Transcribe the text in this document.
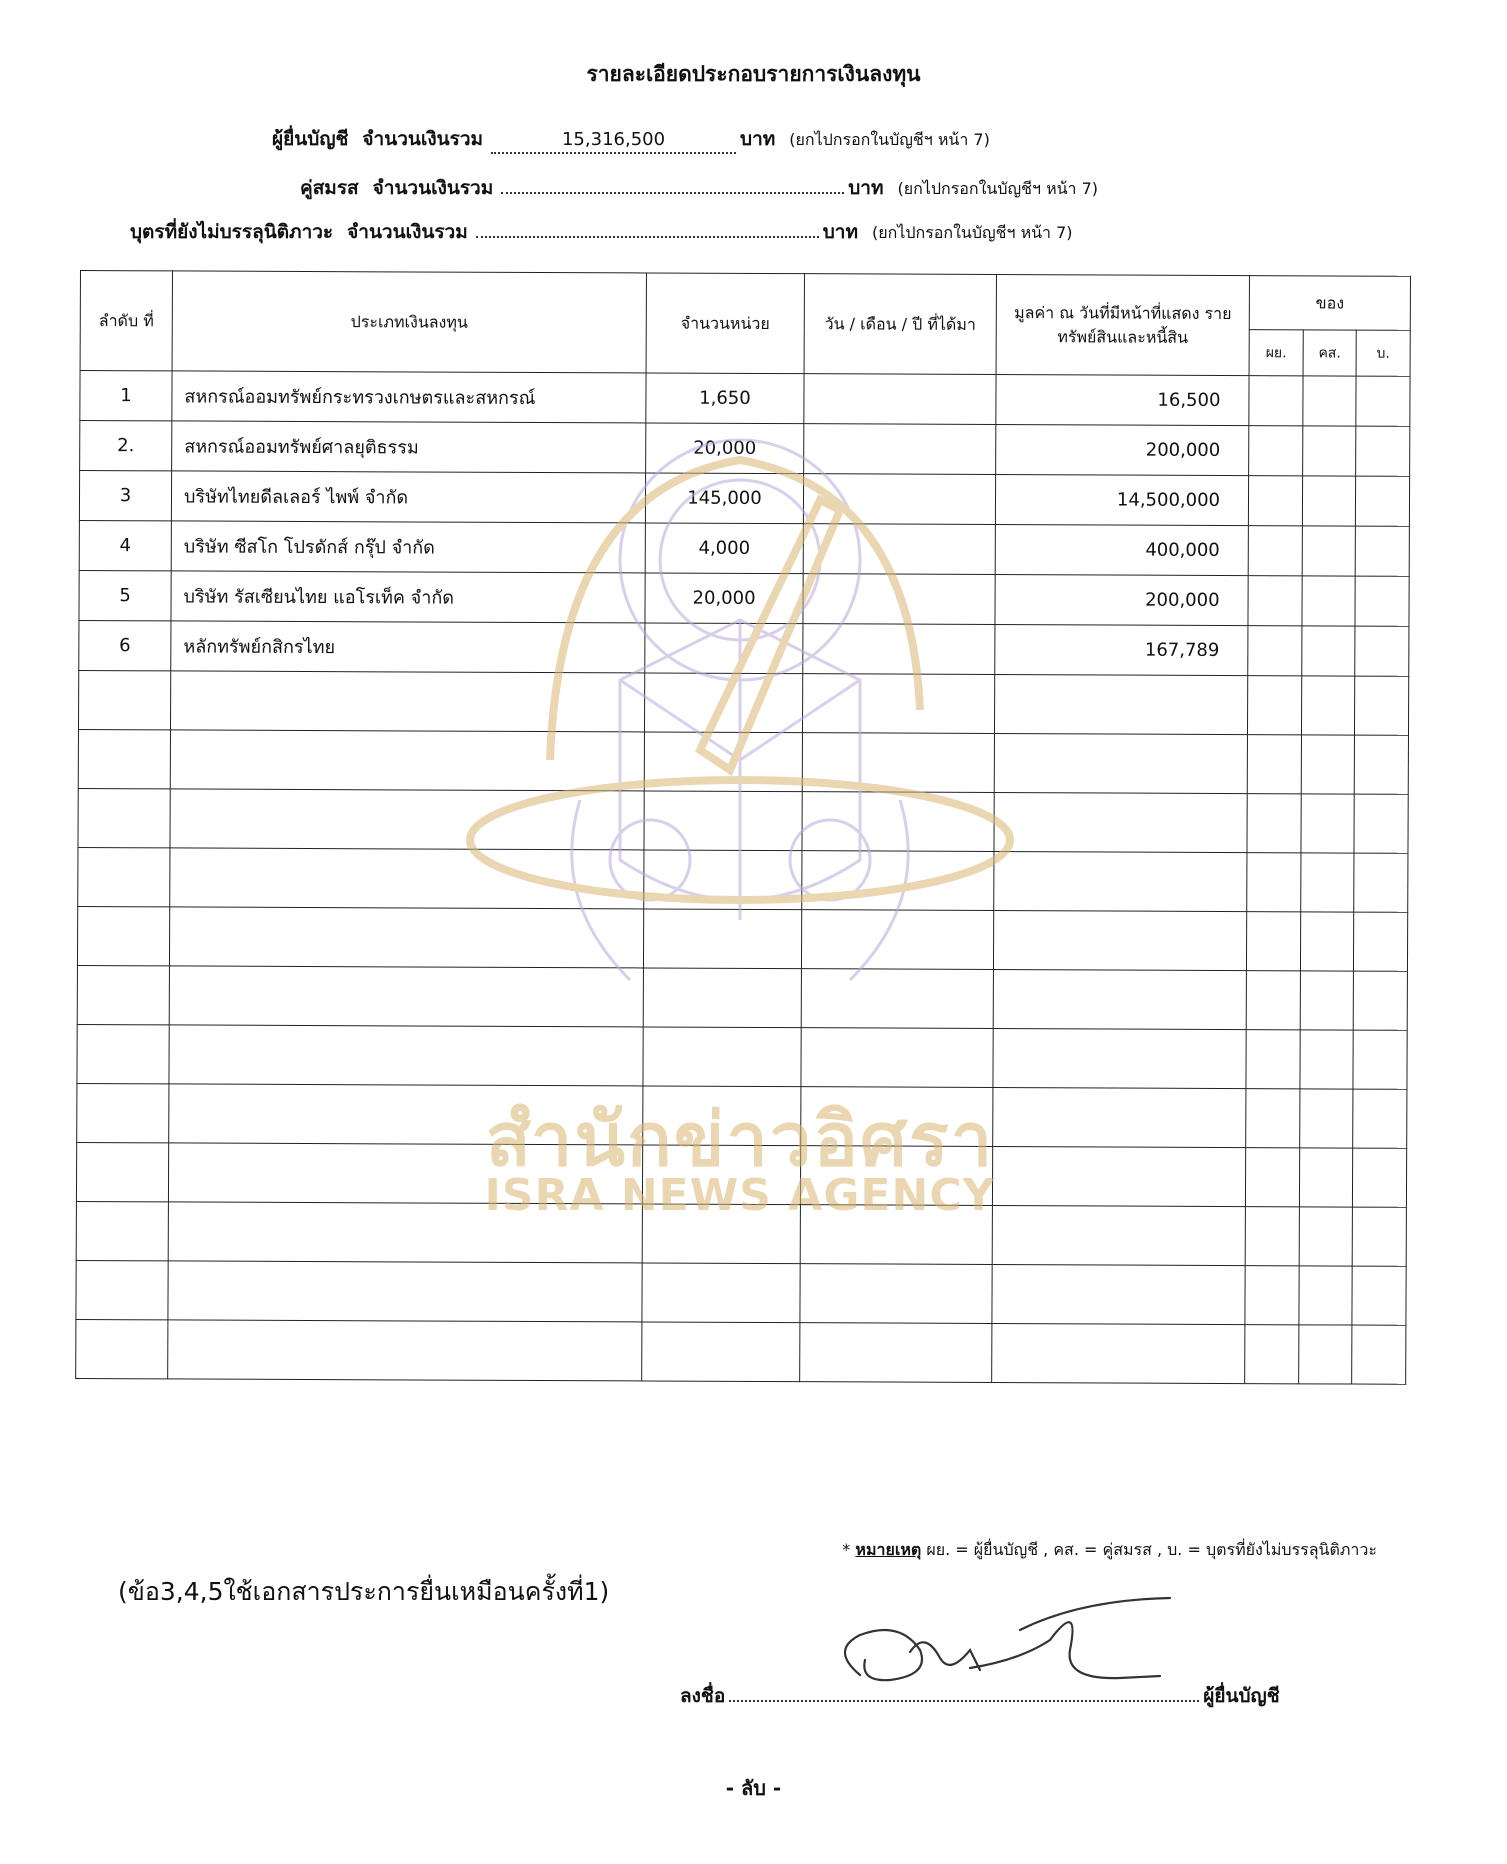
รายละเอียดประกอบรายการเงินลงทุน
ผู้ยื่นบัญชี จำนวนเงินรวม	15,316,500	บาท (ยกไปกรอกในบัญชีฯ หน้า 7)
คู่สมรส จำนวนเงินรวม	บาท (ยกไปกรอกในบัญชีฯ หน้า 7)
บุตรที่ยังไม่บรรลุนิติภาวะ จำนวนเงินรวม	บาท (ยกไปกรอกในบัญชีฯ หน้า 7)
ลำดับ ที่	ประเภทเงินลงทุน	จำนวนหน่วย	วัน / เดือน / ปี ที่ได้มา	มูลค่า ณ วันที่มีหน้าที่แสดง รายทรัพย์สินและหนี้สิน	ของ		
					ผย.	คส.	บ.
1	สหกรณ์ออมทรัพย์กระทรวงเกษตรและสหกรณ์	1,650		16,500			
2.	สหกรณ์ออมทรัพย์ศาลยุติธรรม	20,000		200,000			
3	บริษัทไทยดีลเลอร์ ไพพ์ จำกัด	145,000		14,500,000			
4	บริษัท ซีสโก โปรดักส์ กรุ๊ป จำกัด	4,000		400,000			
5	บริษัท รัสเซียนไทย แอโรเท็ค จำกัด	20,000		200,000			
6	หลักทรัพย์กสิกรไทย			167,789			

สำนักข่าวอิศรา
ISRA NEWS AGENCY
* หมายเหตุ ผย. = ผู้ยื่นบัญชี , คส. = คู่สมรส , บ. = บุตรที่ยังไม่บรรลุนิติภาวะ
(ข้อ3,4,5ใช้เอกสารประการยื่นเหมือนครั้งที่1)
ลงชื่อ	ผู้ยื่นบัญชี
- ลับ -
